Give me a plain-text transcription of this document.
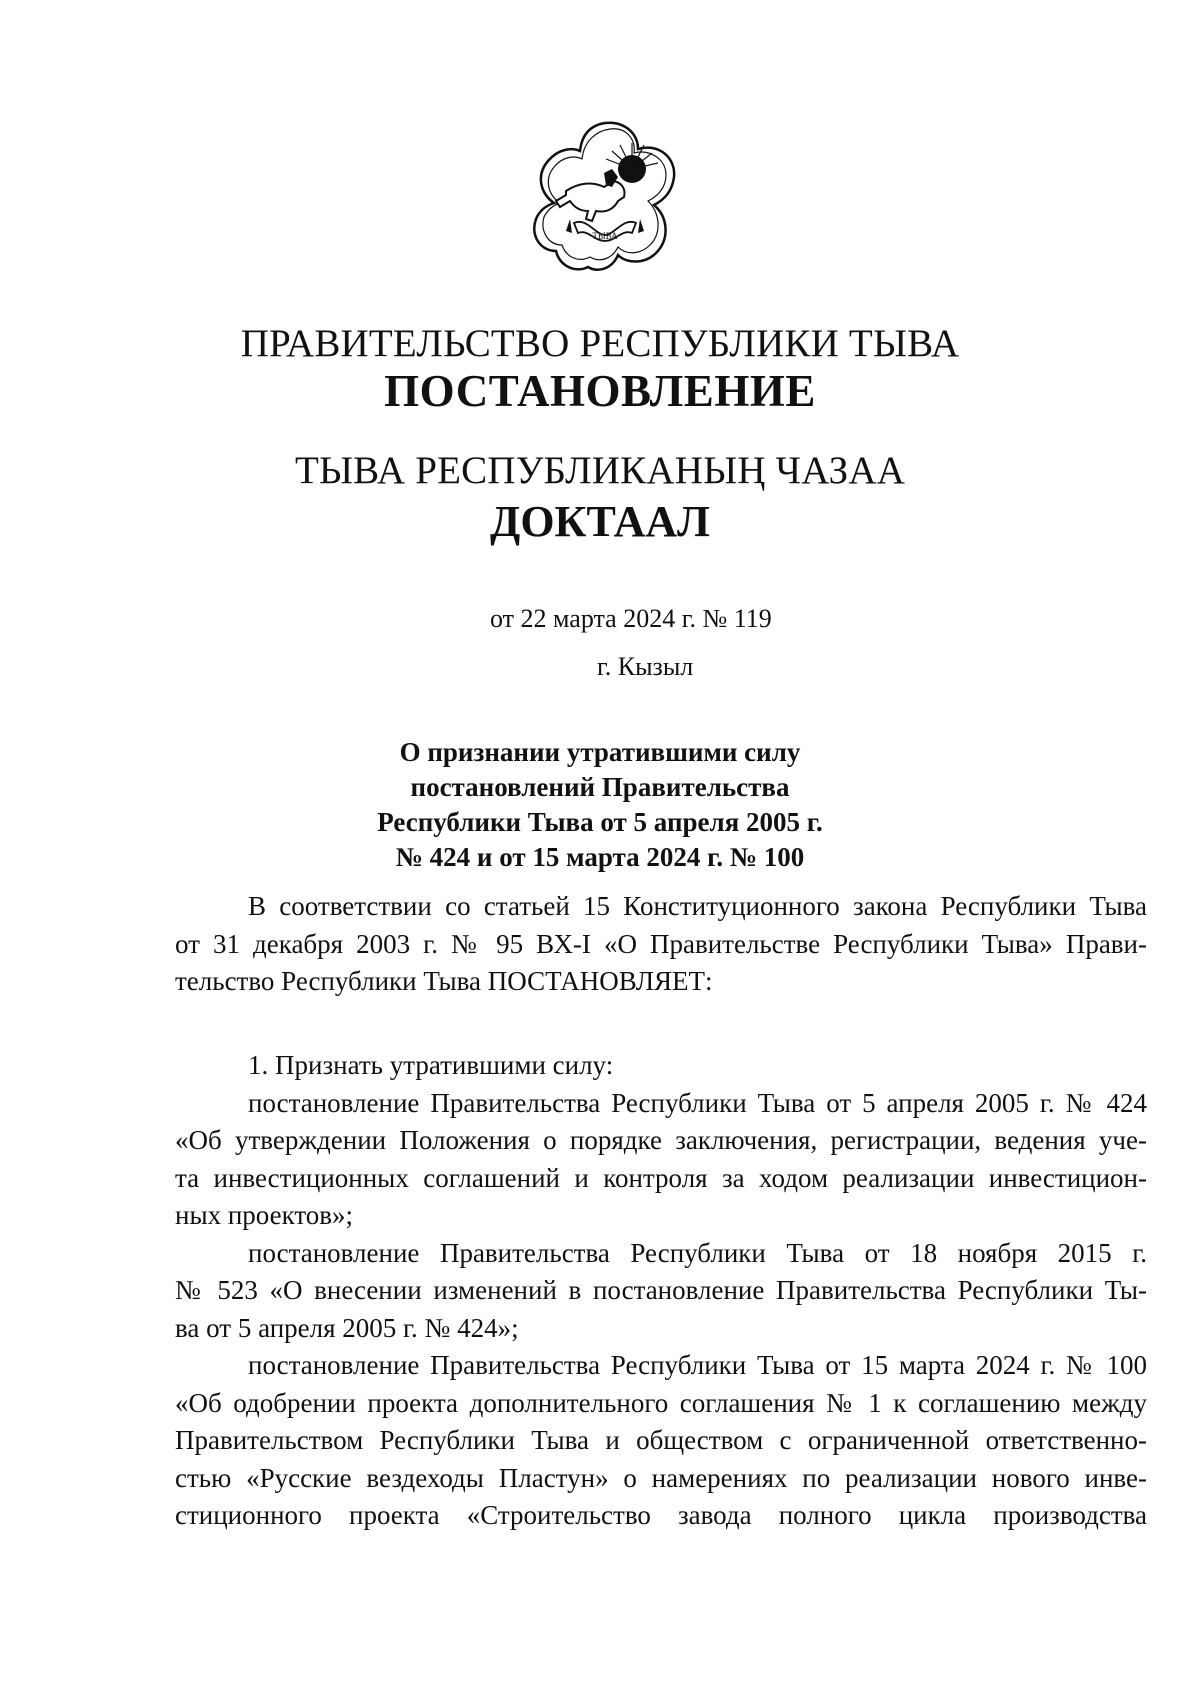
ТЫВА
ПРАВИТЕЛЬСТВО РЕСПУБЛИКИ ТЫВА
ПОСТАНОВЛЕНИЕ
ТЫВА РЕСПУБЛИКАНЫҢ ЧАЗАА
ДОКТААЛ
от 22 марта 2024 г. № 119
г. Кызыл
О признании утратившими силу
постановлений Правительства
Республики Тыва от 5 апреля 2005 г.
№ 424 и от 15 марта 2024 г. № 100
В соответствии со статьей 15 Конституционного закона Республики Тыва
от 31 декабря 2003 г. № 95 ВХ-I «О Правительстве Республики Тыва» Прави-
тельство Республики Тыва ПОСТАНОВЛЯЕТ:
1. Признать утратившими силу:
постановление Правительства Республики Тыва от 5 апреля 2005 г. № 424
«Об утверждении Положения о порядке заключения, регистрации, ведения уче-
та инвестиционных соглашений и контроля за ходом реализации инвестицион-
ных проектов»;
постановление Правительства Республики Тыва от 18 ноября 2015 г.
№ 523 «О внесении изменений в постановление Правительства Республики Ты-
ва от 5 апреля 2005 г. № 424»;
постановление Правительства Республики Тыва от 15 марта 2024 г. № 100
«Об одобрении проекта дополнительного соглашения № 1 к соглашению между
Правительством Республики Тыва и обществом с ограниченной ответственно-
стью «Русские вездеходы Пластун» о намерениях по реализации нового инве-
стиционного проекта «Строительство завода полного цикла производства
